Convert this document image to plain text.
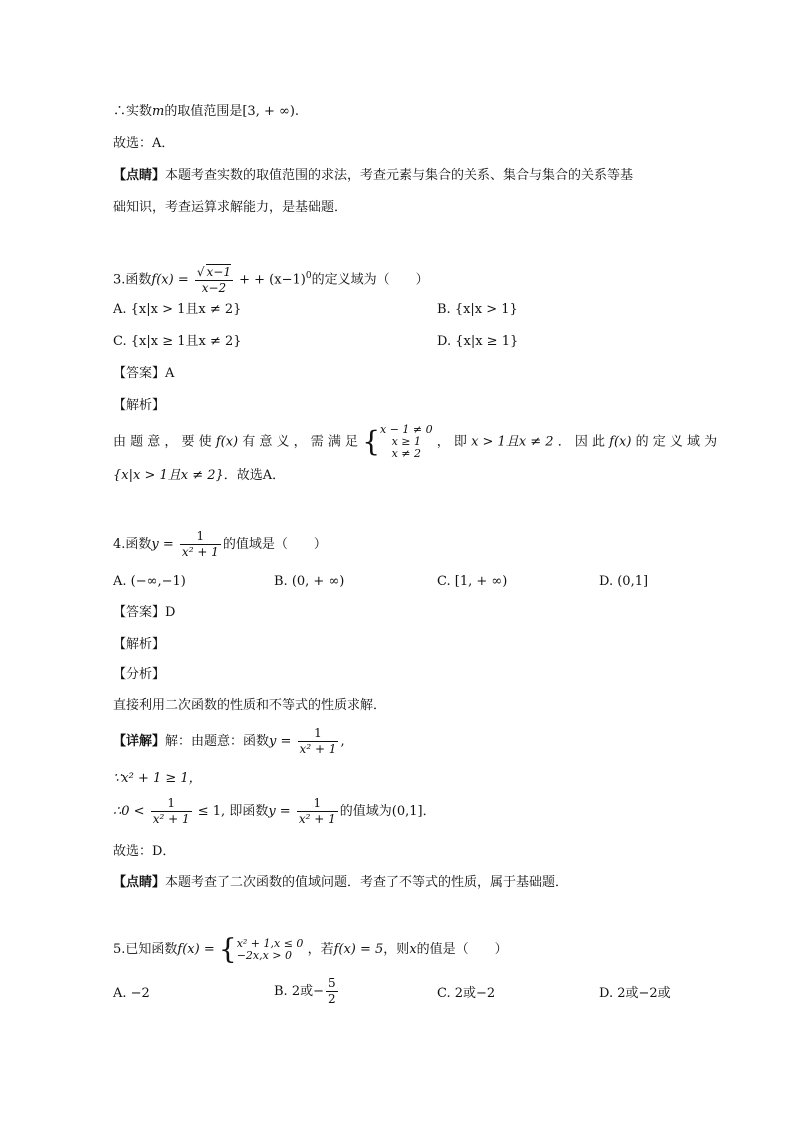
∴实数m的取值范围是[3, + ∞).
故选：A．
【点睛】本题考查实数的取值范围的求法，考查元素与集合的关系、集合与集合的关系等基
础知识，考查运算求解能力，是基础题．
3.函数$f(x) = \frac{√ x-1}{x-2}$ + + $(x-1)^0$的定义域为（　　）
A. {x|x > 1且x ≠ 2}	B. {x|x > 1}
C. {x|x ≥ 1且x ≠ 2}	D. {x|x ≥ 1}
【答案】A
【解析】
由 题 意 ， 要 使 f(x) 有 意 义 ， 需 满 足 { x − 1 ≠ 0
x ≥ 1
x ≠ 2
， 即 x > 1且x ≠ 2 ． 因 此 f(x) 的 定 义 域 为
{x|x > 1且x ≠ 2}．故选A．
4.函数$y = \frac{1}{\text{x² + 1}}$ 的值域是（　　）
A. (−∞,−1)	B. (0, + ∞)	C. [1, + ∞)	D. (0,1]
【答案】D
【解析】
【分析】
直接利用二次函数的性质和不等式的性质求解．
【详解】解：由题意：函数$y = \frac{1}{\text{x² + 1}}$ ,
∵x² + 1 ≥ 1，
∴0 < $\frac{1}{\text{x² + 1}} \le 1$, 即函数$y = \frac{1}{\text{x² + 1}}$ 的值域为(0,1]．
故选：D．
【点睛】本题考查了二次函数的值域问题．考查了不等式的性质，属于基础题．
5.已知函数f(x) = { x² + 1,x ≤ 0
−2x,x > 0	，若f(x) = 5，则x的值是（　　）
A. −2	B. 2或− $\frac{5}{2}$	C. 2或−2	D. 2或−2或
